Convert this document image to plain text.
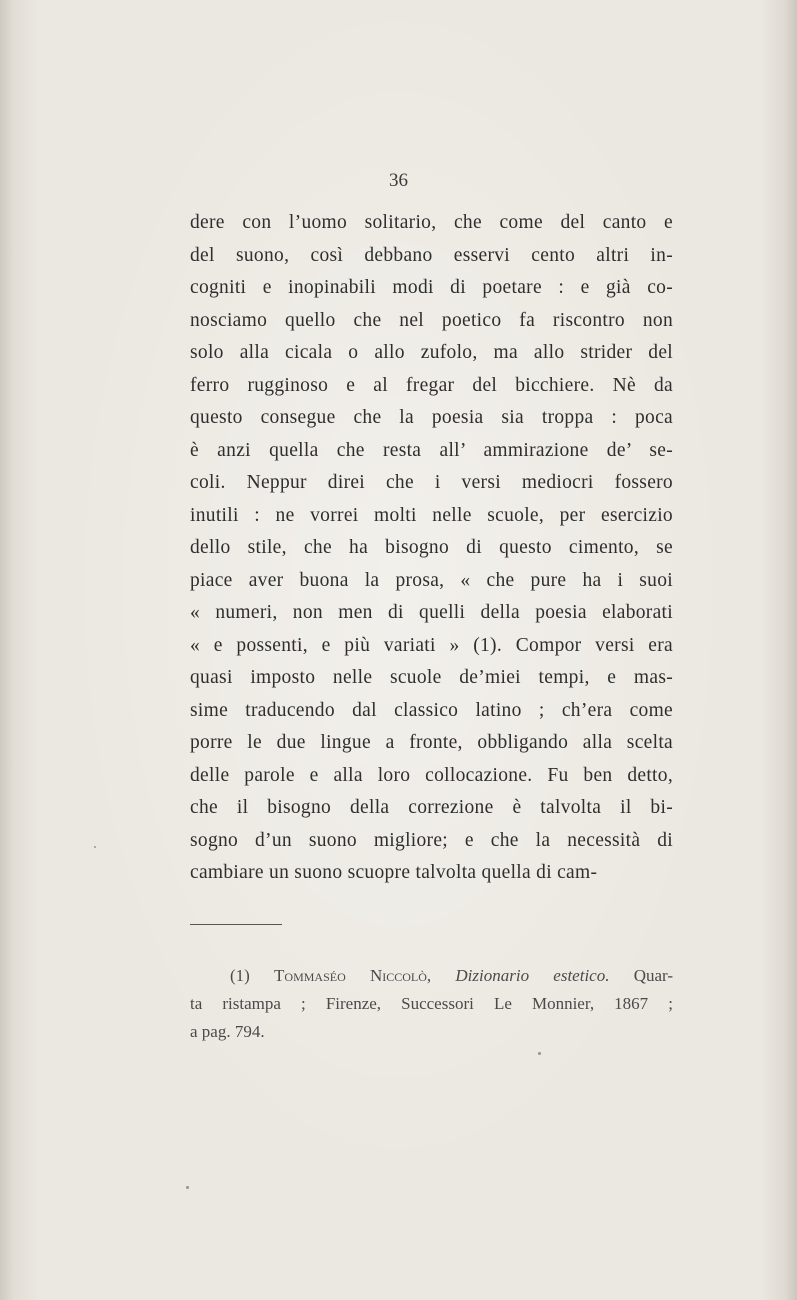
36
dere con l’uomo solitario, che come del canto e
del suono, così debbano esservi cento altri in-
cogniti e inopinabili modi di poetare : e già co-
nosciamo quello che nel poetico fa riscontro non
solo alla cicala o allo zufolo, ma allo strider del
ferro rugginoso e al fregar del bicchiere. Nè da
questo consegue che la poesia sia troppa : poca
è anzi quella che resta all’ ammirazione de’ se-
coli. Neppur direi che i versi mediocri fossero
inutili : ne vorrei molti nelle scuole, per esercizio
dello stile, che ha bisogno di questo cimento, se
piace aver buona la prosa, « che pure ha i suoi
« numeri, non men di quelli della poesia elaborati
« e possenti, e più variati » (1). Compor versi era
quasi imposto nelle scuole de’miei tempi, e mas-
sime traducendo dal classico latino ; ch’era come
porre le due lingue a fronte, obbligando alla scelta
delle parole e alla loro collocazione. Fu ben detto,
che il bisogno della correzione è talvolta il bi-
sogno d’un suono migliore; e che la necessità di
cambiare un suono scuopre talvolta quella di cam-
(1) Tommaséo Niccolò, Dizionario estetico. Quar-
ta ristampa ; Firenze, Successori Le Monnier, 1867 ;
a pag. 794.
